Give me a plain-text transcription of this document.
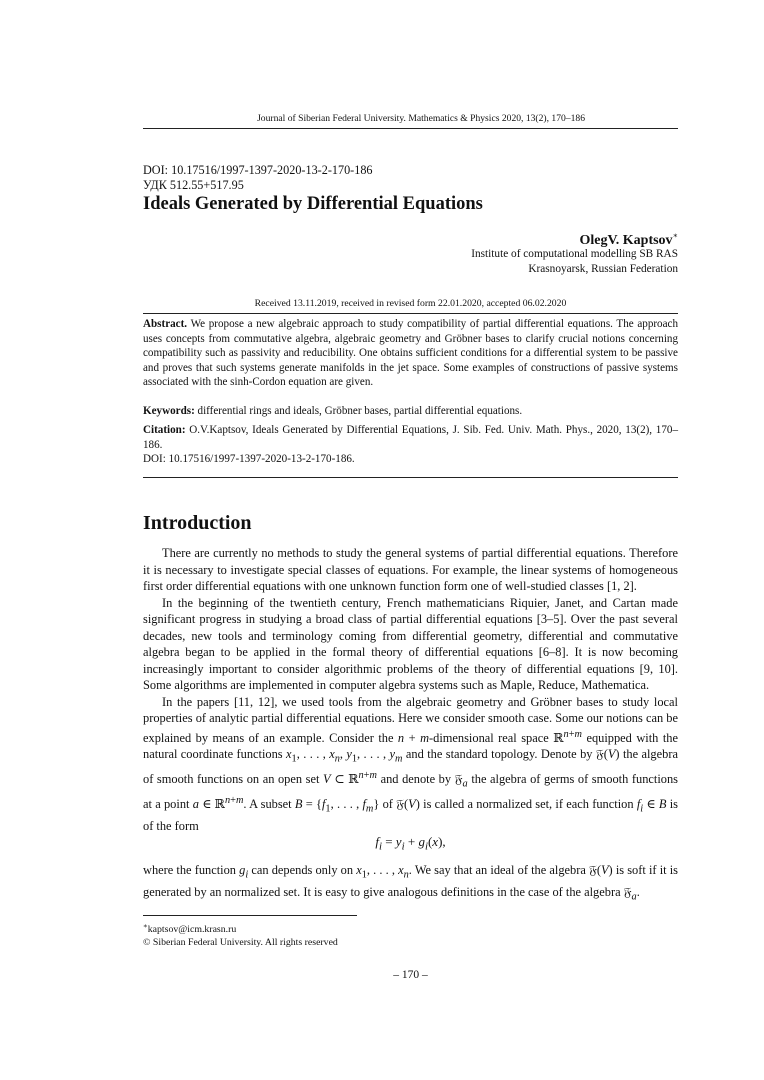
Journal of Siberian Federal University. Mathematics & Physics 2020, 13(2), 170–186
DOI: 10.17516/1997-1397-2020-13-2-170-186
УДК 512.55+517.95
Ideals Generated by Differential Equations
OlegV. Kaptsov∗
Institute of computational modelling SB RAS
Krasnoyarsk, Russian Federation
Received 13.11.2019, received in revised form 22.01.2020, accepted 06.02.2020
Abstract. We propose a new algebraic approach to study compatibility of partial differential equations. The approach uses concepts from commutative algebra, algebraic geometry and Gröbner bases to clarify crucial notions concerning compatibility such as passivity and reducibility. One obtains sufficient conditions for a differential system to be passive and proves that such systems generate manifolds in the jet space. Some examples of constructions of passive systems associated with the sinh-Cordon equation are given.
Keywords: differential rings and ideals, Gröbner bases, partial differential equations.
Citation: O.V.Kaptsov, Ideals Generated by Differential Equations, J. Sib. Fed. Univ. Math. Phys., 2020, 13(2), 170–186.
DOI: 10.17516/1997-1397-2020-13-2-170-186.
Introduction

There are currently no methods to study the general systems of partial differential equations. Therefore it is necessary to investigate special classes of equations. For example, the linear systems of homogeneous first order differential equations with one unknown function form one of well-studied classes [1, 2].

In the beginning of the twentieth century, French mathematicians Riquier, Janet, and Cartan made significant progress in studying a broad class of partial differential equations [3–5]. Over the past several decades, new tools and terminology coming from differential geometry, differential and commutative algebra began to be applied in the formal theory of differential equations [6–8]. It is now becoming increasingly important to consider algorithmic problems of the theory of differential equations [9, 10]. Some algorithms are implemented in computer algebra systems such as Maple, Reduce, Mathematica.

In the papers [11, 12], we used tools from the algebraic geometry and Gröbner bases to study local properties of analytic partial differential equations. Here we consider smooth case. Some our notions can be explained by means of an example. Consider the n + m-dimensional real space ℝ$^{n+m}$ equipped with the natural coordinate functions $x_1$, . . . , $x_n$, $y_1$, . . . , $y_m$ and the standard topology. Denote by 𝔉(V) the algebra of smooth functions on an open set V ⊂ ℝ$^{n+m}$ and denote by 𝔉$_a$ the algebra of germs of smooth functions at a point a ∈ ℝ$^{n+m}$. A subset $B = \{f_1$, . . . , $f_m$} of 𝔉(V) is called a normalized set, if each function $f_i$ ∈ B is of the form

$f_i = y_i + g_i(x)$,

where the function $g_i$ can depends only on $x_1$, . . . , $x_n$. We say that an ideal of the algebra 𝔉(V) is soft if it is generated by an normalized set. It is easy to give analogous definitions in the case of the algebra 𝔉$_a$.

∗kaptsov@icm.krasn.ru
© Siberian Federal University. All rights reserved
– 170 –
